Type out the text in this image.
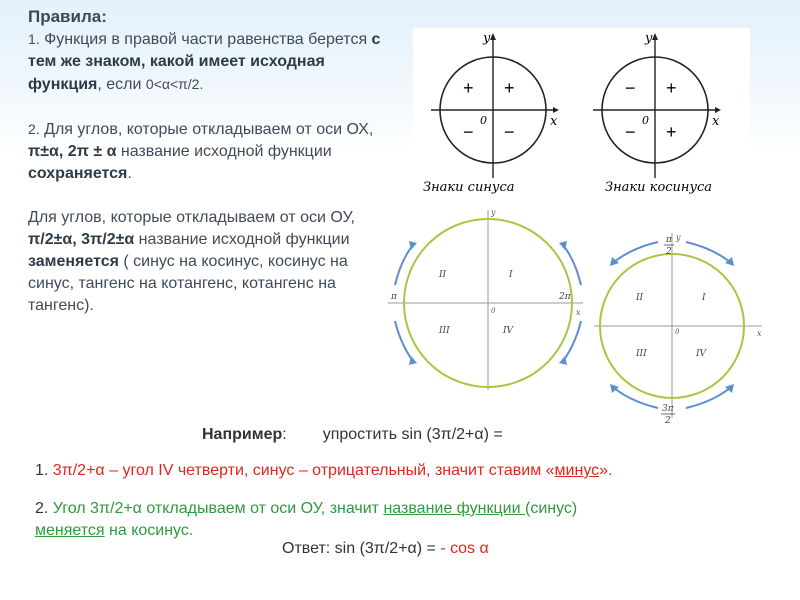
Правила:

1. Функция в правой части равенства берется с тем же знаком, какой имеет исходная функция, если 0<α<π/2.

2. Для углов, которые откладываем от оси ОХ, π±α, 2π ± α название исходной функции сохраняется.

Для углов, которые откладываем от оси ОУ, π/2±α, 3π/2±α название исходной функции заменяется ( синус на косинус, косинус на синус, тангенс на котангенс, котангенс на тангенс).

y
x
0
+ +
− −
Знаки синуса
y
x
0
− +
− +
Знаки косинуса
y
x
0
π	2π
II	I
III	IV
y
x
0
π
2
3π
2
II	I
III	IV
Например: упростить sin (3π/2+α) =
1. 3π/2+α – угол IV четверти, синус – отрицательный, значит ставим «минус».
2. Угол 3π/2+α откладываем от оси ОУ, значит название функции (синус)
меняется на косинус.
Ответ: sin (3π/2+α) = - cos α
